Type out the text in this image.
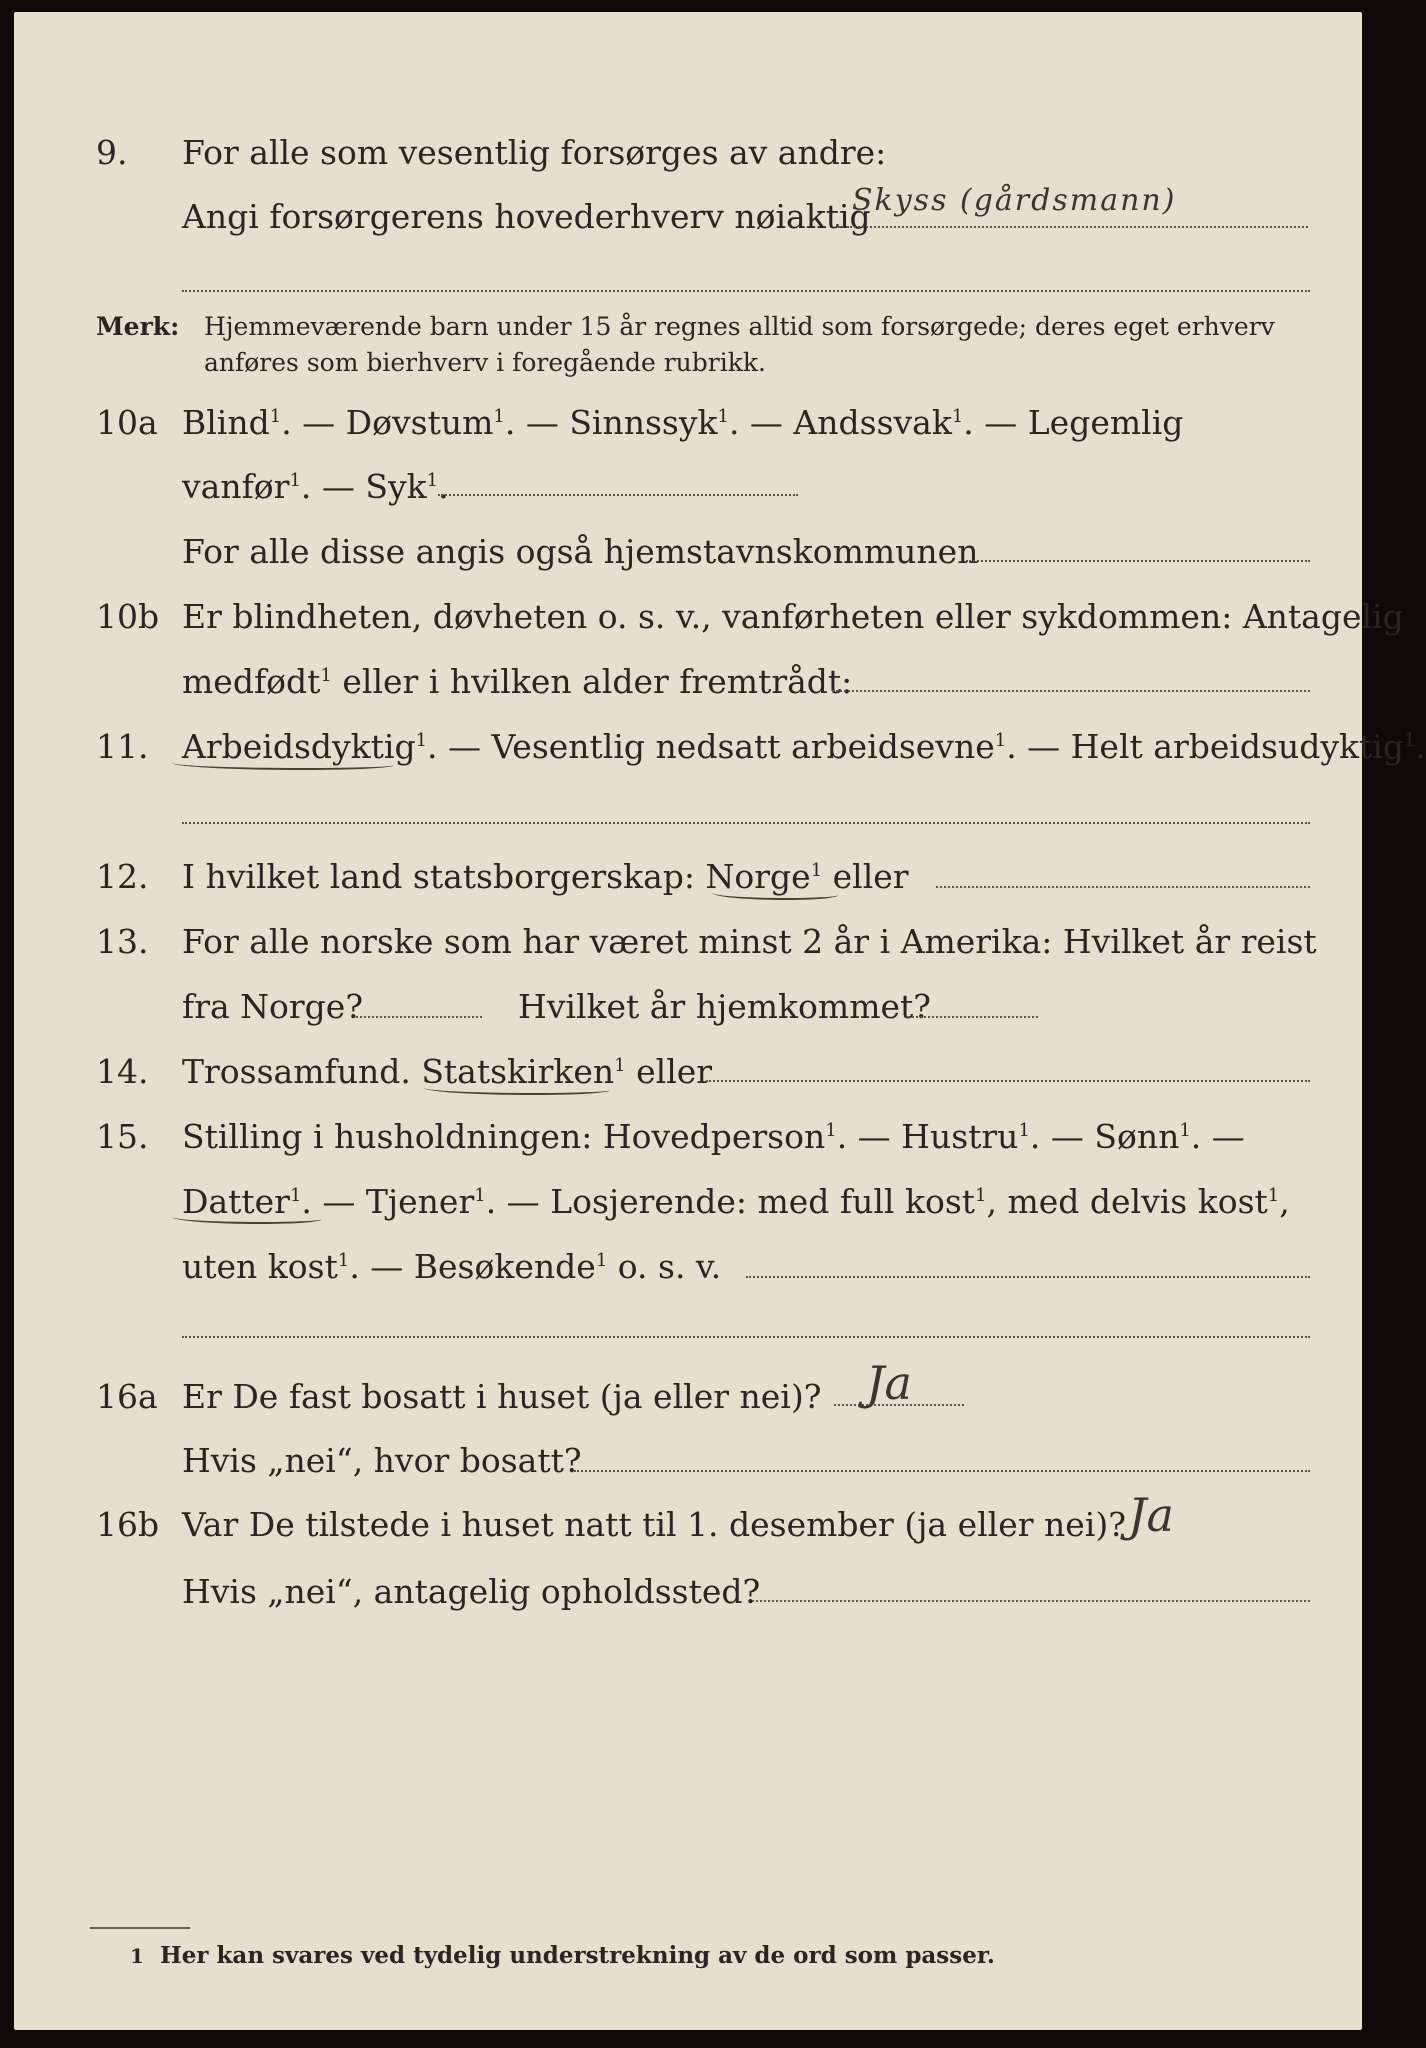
9. For alle som vesentlig forsørges av andre:
Angi forsørgerens hovederhverv nøiaktig
Skyss (gårdsmann)
Merk: Hjemmeværende barn under 15 år regnes alltid som forsørgede; deres eget erhverv
anføres som bierhverv i foregående rubrikk.
10a Blind$^1$. — Døvstum$^1$. — Sinnssyk$^1$. — Andssvak$^1$. — Legemlig
vanfør$^1$. — Syk$^1$.
For alle disse angis også hjemstavnskommunen
10b Er blindheten, døvheten o. s. v., vanførheten eller sykdommen: Antagelig
medfødt$^1$ eller i hvilken alder fremtrådt:
11. Arbeidsdyktig$^1$. — Vesentlig nedsatt arbeidsevne$^1$. — Helt arbeidsudyktig$^1$.
12. I hvilket land statsborgerskap: Norge$^1$ eller
13. For alle norske som har været minst 2 år i Amerika: Hvilket år reist
fra Norge?	Hvilket år hjemkommet?
14. Trossamfund. Statskirken$^1$ eller
15. Stilling i husholdningen: Hovedperson$^1$. — Hustru$^1$. — Sønn$^1$. —
Datter$^1$. — Tjener$^1$. — Losjerende: med full kost$^1$, med delvis kost$^1$,
uten kost$^1$. — Besøkende$^1$ o. s. v.
16a Er De fast bosatt i huset (ja eller nei)? Ja
Hvis „nei“, hvor bosatt?
16b Var De tilstede i huset natt til 1. desember (ja eller nei)? Ja
Hvis „nei“, antagelig opholdssted?
1 Her kan svares ved tydelig understrekning av de ord som passer.
